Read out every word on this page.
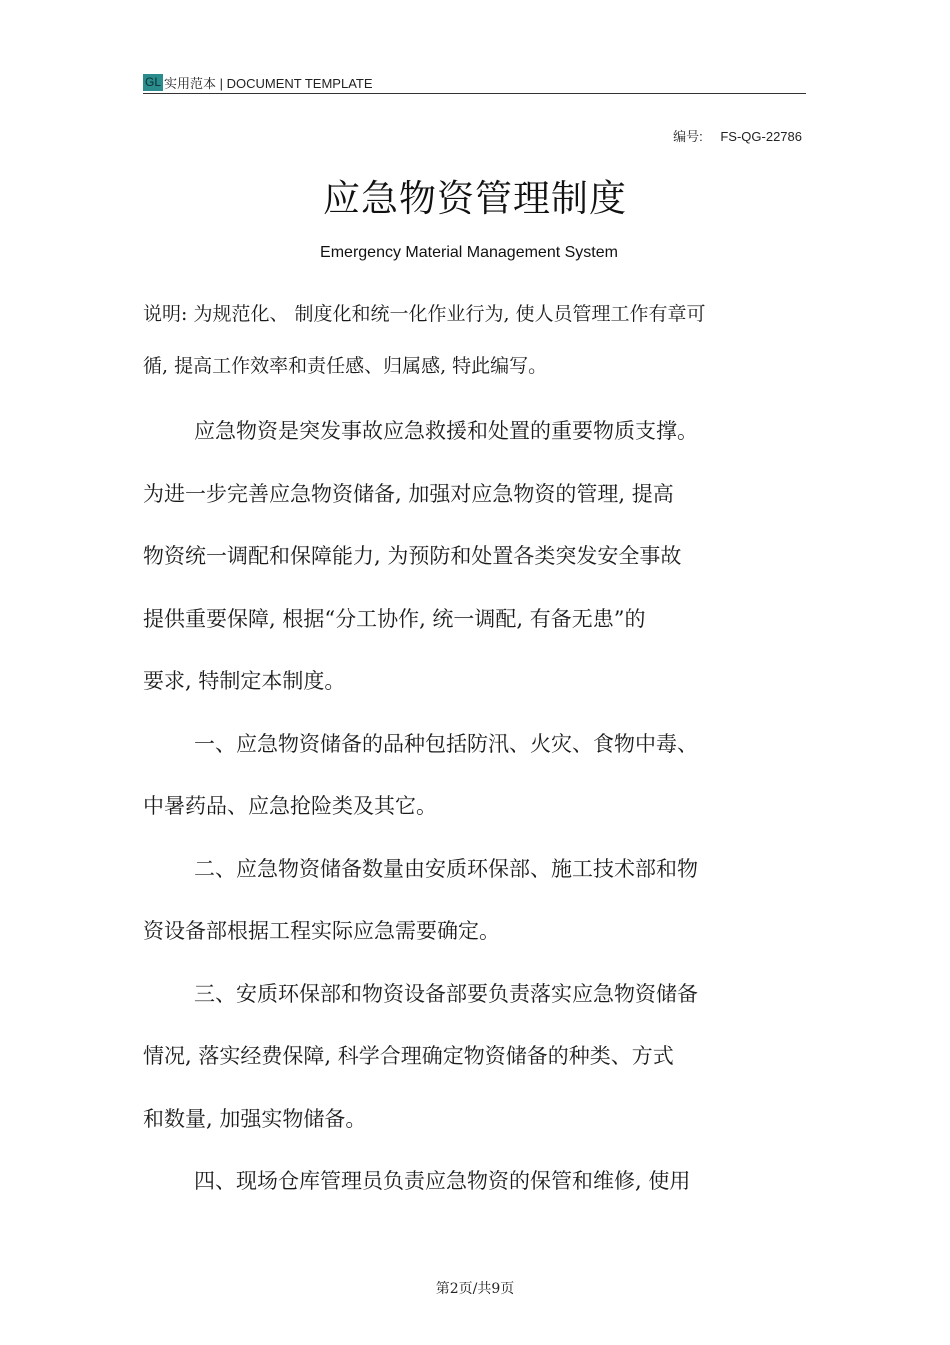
GL 实用范本 | DOCUMENT TEMPLATE
编号: FS-QG-22786
应急物资管理制度
Emergency Material Management System
说明: 为规范化、 制度化和统一化作业行为, 使人员管理工作有章可
循, 提高工作效率和责任感、归属感, 特此编写。
应急物资是突发事故应急救援和处置的重要物质支撑。
为进一步完善应急物资储备, 加强对应急物资的管理, 提高
物资统一调配和保障能力, 为预防和处置各类突发安全事故
提供重要保障, 根据“分工协作, 统一调配, 有备无患”的
要求, 特制定本制度。
一、应急物资储备的品种包括防汛、火灾、食物中毒、
中暑药品、应急抢险类及其它。
二、应急物资储备数量由安质环保部、施工技术部和物
资设备部根据工程实际应急需要确定。
三、安质环保部和物资设备部要负责落实应急物资储备
情况, 落实经费保障, 科学合理确定物资储备的种类、方式
和数量, 加强实物储备。
四、现场仓库管理员负责应急物资的保管和维修, 使用
第2页/共9页
